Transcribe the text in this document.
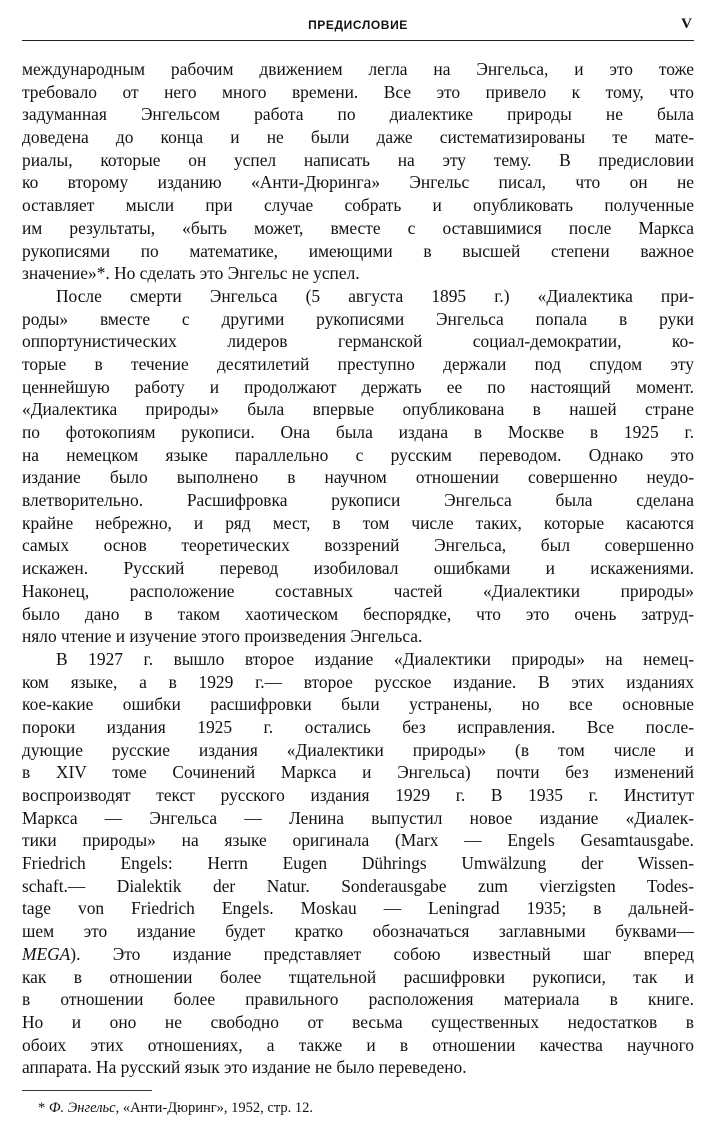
ПРЕДИСЛОВИЕ	V
международным рабочим движением легла на Энгельса, и это тоже
требовало от него много времени. Все это привело к тому, что
задуманная Энгельсом работа по диалектике природы не была
доведена до конца и не были даже систематизированы те мате-
риалы, которые он успел написать на эту тему. В предисловии
ко второму изданию «Анти-Дюринга» Энгельс писал, что он не
оставляет мысли при случае собрать и опубликовать полученные
им результаты, «быть может, вместе с оставшимися после Маркса
рукописями по математике, имеющими в высшей степени важное
значение»*. Но сделать это Энгельс не успел.
После смерти Энгельса (5 августа 1895 г.) «Диалектика при-
роды» вместе с другими рукописями Энгельса попала в руки
оппортунистических лидеров германской социал-демократии, ко-
торые в течение десятилетий преступно держали под спудом эту
ценнейшую работу и продолжают держать ее по настоящий момент.
«Диалектика природы» была впервые опубликована в нашей стране
по фотокопиям рукописи. Она была издана в Москве в 1925 г.
на немецком языке параллельно с русским переводом. Однако это
издание было выполнено в научном отношении совершенно неудо-
влетворительно. Расшифровка рукописи Энгельса была сделана
крайне небрежно, и ряд мест, в том числе таких, которые касаются
самых основ теоретических воззрений Энгельса, был совершенно
искажен. Русский перевод изобиловал ошибками и искажениями.
Наконец, расположение составных частей «Диалектики природы»
было дано в таком хаотическом беспорядке, что это очень затруд-
няло чтение и изучение этого произведения Энгельса.
В 1927 г. вышло второе издание «Диалектики природы» на немец-
ком языке, а в 1929 г.— второе русское издание. В этих изданиях
кое-какие ошибки расшифровки были устранены, но все основные
пороки издания 1925 г. остались без исправления. Все после-
дующие русские издания «Диалектики природы» (в том числе и
в XIV томе Сочинений Маркса и Энгельса) почти без изменений
воспроизводят текст русского издания 1929 г. В 1935 г. Институт
Маркса — Энгельса — Ленина выпустил новое издание «Диалек-
тики природы» на языке оригинала (Marx — Engels Gesamtausgabe.
Friedrich Engels: Herrn Eugen Dührings Umwälzung der Wissen-
schaft.— Dialektik der Natur. Sonderausgabe zum vierzigsten Todes-
tage von Friedrich Engels. Moskau — Leningrad 1935; в дальней-
шем это издание будет кратко обозначаться заглавными буквами—
MEGA). Это издание представляет собою известный шаг вперед
как в отношении более тщательной расшифровки рукописи, так и
в отношении более правильного расположения материала в книге.
Но и оно не свободно от весьма существенных недостатков в
обоих этих отношениях, а также и в отношении качества научного
аппарата. На русский язык это издание не было переведено.
* Ф. Энгельс, «Анти-Дюринг», 1952, стр. 12.
